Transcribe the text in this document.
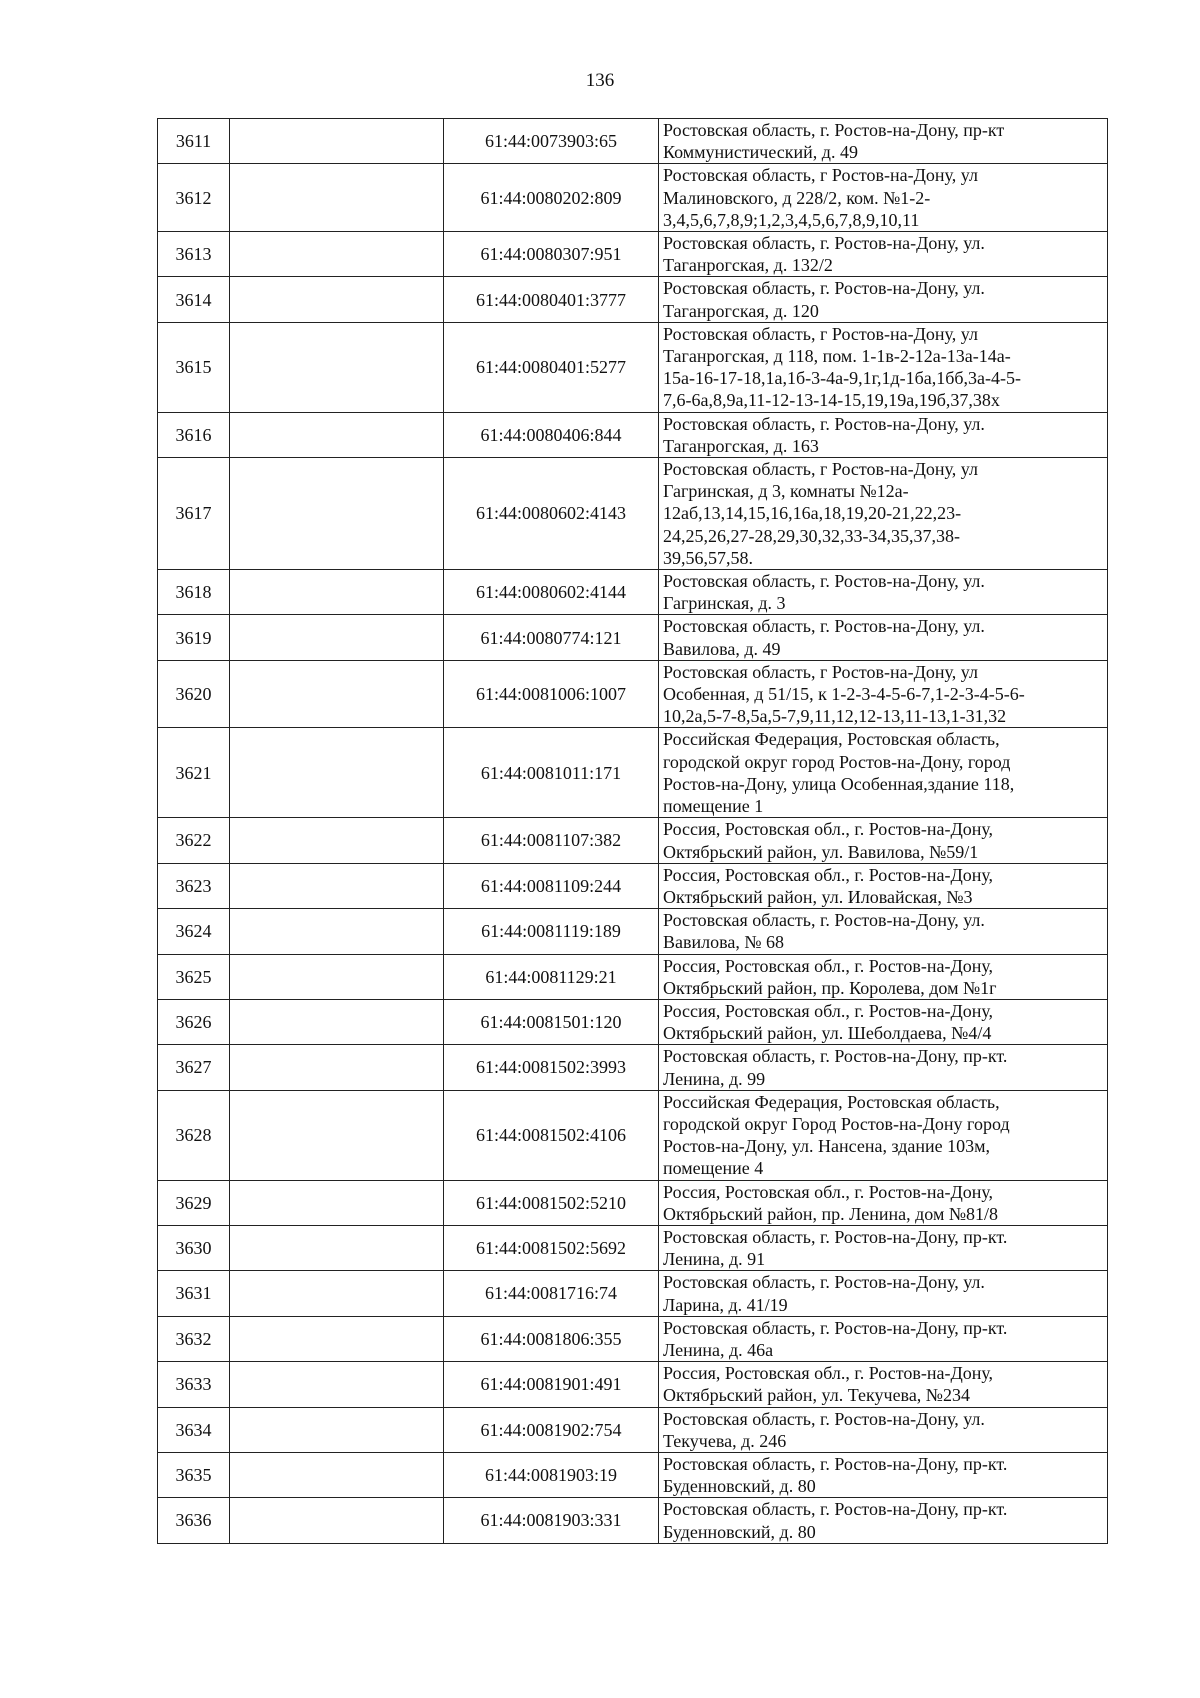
136
3611		61:44:0073903:65	Ростовская область, г. Ростов-на-Дону, пр-кт
Коммунистический, д. 49

3612		61:44:0080202:809	Ростовская область, г Ростов-на-Дону, ул
Малиновского, д 228/2, ком. №1-2-
3,4,5,6,7,8,9;1,2,3,4,5,6,7,8,9,10,11

3613		61:44:0080307:951	Ростовская область, г. Ростов-на-Дону, ул.
Таганрогская, д. 132/2

3614		61:44:0080401:3777	Ростовская область, г. Ростов-на-Дону, ул.
Таганрогская, д. 120

3615		61:44:0080401:5277	Ростовская область, г Ростов-на-Дону, ул
Таганрогская, д 118, пом. 1-1в-2-12а-13а-14а-
15а-16-17-18,1а,1б-3-4а-9,1г,1д-1ба,1бб,3а-4-5-
7,6-6а,8,9а,11-12-13-14-15,19,19а,19б,37,38х

3616		61:44:0080406:844	Ростовская область, г. Ростов-на-Дону, ул.
Таганрогская, д. 163

3617		61:44:0080602:4143	Ростовская область, г Ростов-на-Дону, ул
Гагринская, д 3, комнаты №12а-
12аб,13,14,15,16,16а,18,19,20-21,22,23-
24,25,26,27-28,29,30,32,33-34,35,37,38-
39,56,57,58.

3618		61:44:0080602:4144	Ростовская область, г. Ростов-на-Дону, ул.
Гагринская, д. 3

3619		61:44:0080774:121	Ростовская область, г. Ростов-на-Дону, ул.
Вавилова, д. 49

3620		61:44:0081006:1007	Ростовская область, г Ростов-на-Дону, ул
Особенная, д 51/15, к 1-2-3-4-5-6-7,1-2-3-4-5-6-
10,2а,5-7-8,5а,5-7,9,11,12,12-13,11-13,1-31,32

3621		61:44:0081011:171	Российская Федерация, Ростовская область,
городской округ город Ростов-на-Дону, город
Ростов-на-Дону, улица Особенная,здание 118,
помещение 1

3622		61:44:0081107:382	Россия, Ростовская обл., г. Ростов-на-Дону,
Октябрьский район, ул. Вавилова, №59/1

3623		61:44:0081109:244	Россия, Ростовская обл., г. Ростов-на-Дону,
Октябрьский район, ул. Иловайская, №3

3624		61:44:0081119:189	Ростовская область, г. Ростов-на-Дону, ул.
Вавилова, № 68

3625		61:44:0081129:21	Россия, Ростовская обл., г. Ростов-на-Дону,
Октябрьский район, пр. Королева, дом №1г

3626		61:44:0081501:120	Россия, Ростовская обл., г. Ростов-на-Дону,
Октябрьский район, ул. Шеболдаева, №4/4

3627		61:44:0081502:3993	Ростовская область, г. Ростов-на-Дону, пр-кт.
Ленина, д. 99

3628		61:44:0081502:4106	Российская Федерация, Ростовская область,
городской округ Город Ростов-на-Дону город
Ростов-на-Дону, ул. Нансена, здание 103м,
помещение 4

3629		61:44:0081502:5210	Россия, Ростовская обл., г. Ростов-на-Дону,
Октябрьский район, пр. Ленина, дом №81/8

3630		61:44:0081502:5692	Ростовская область, г. Ростов-на-Дону, пр-кт.
Ленина, д. 91

3631		61:44:0081716:74	Ростовская область, г. Ростов-на-Дону, ул.
Ларина, д. 41/19

3632		61:44:0081806:355	Ростовская область, г. Ростов-на-Дону, пр-кт.
Ленина, д. 46а

3633		61:44:0081901:491	Россия, Ростовская обл., г. Ростов-на-Дону,
Октябрьский район, ул. Текучева, №234

3634		61:44:0081902:754	Ростовская область, г. Ростов-на-Дону, ул.
Текучева, д. 246

3635		61:44:0081903:19	Ростовская область, г. Ростов-на-Дону, пр-кт.
Буденновский, д. 80

3636		61:44:0081903:331	Ростовская область, г. Ростов-на-Дону, пр-кт.
Буденновский, д. 80
